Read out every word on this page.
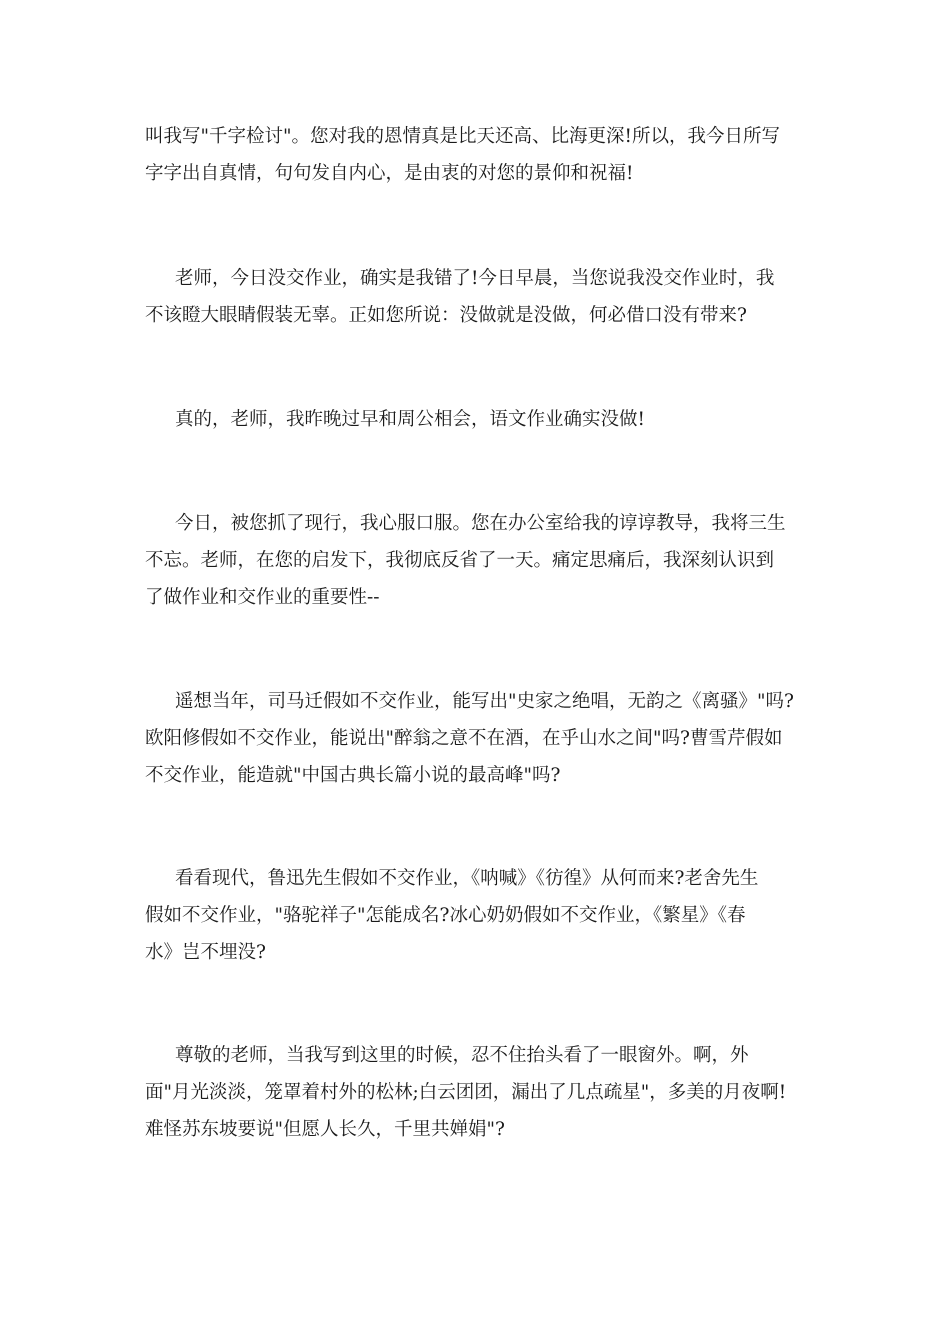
叫我写"千字检讨"。您对我的恩情真是比天还高、比海更深!所以，我今日所写
字字出自真情，句句发自内心，是由衷的对您的景仰和祝福!

老师，今日没交作业，确实是我错了!今日早晨，当您说我没交作业时，我
不该瞪大眼睛假装无辜。正如您所说：没做就是没做，何必借口没有带来?

真的，老师，我昨晚过早和周公相会，语文作业确实没做!

今日，被您抓了现行，我心服口服。您在办公室给我的谆谆教导，我将三生
不忘。老师，在您的启发下，我彻底反省了一天。痛定思痛后，我深刻认识到
了做作业和交作业的重要性--

遥想当年，司马迁假如不交作业，能写出"史家之绝唱，无韵之《离骚》"吗?
欧阳修假如不交作业，能说出"醉翁之意不在酒，在乎山水之间"吗?曹雪芹假如
不交作业，能造就"中国古典长篇小说的最高峰"吗?

看看现代，鲁迅先生假如不交作业，《呐喊》《彷徨》从何而来?老舍先生
假如不交作业，"骆驼祥子"怎能成名?冰心奶奶假如不交作业，《繁星》《春
水》岂不埋没?

尊敬的老师，当我写到这里的时候，忍不住抬头看了一眼窗外。啊，外
面"月光淡淡，笼罩着村外的松林;白云团团，漏出了几点疏星"，多美的月夜啊!
难怪苏东坡要说"但愿人长久，千里共婵娟"?
